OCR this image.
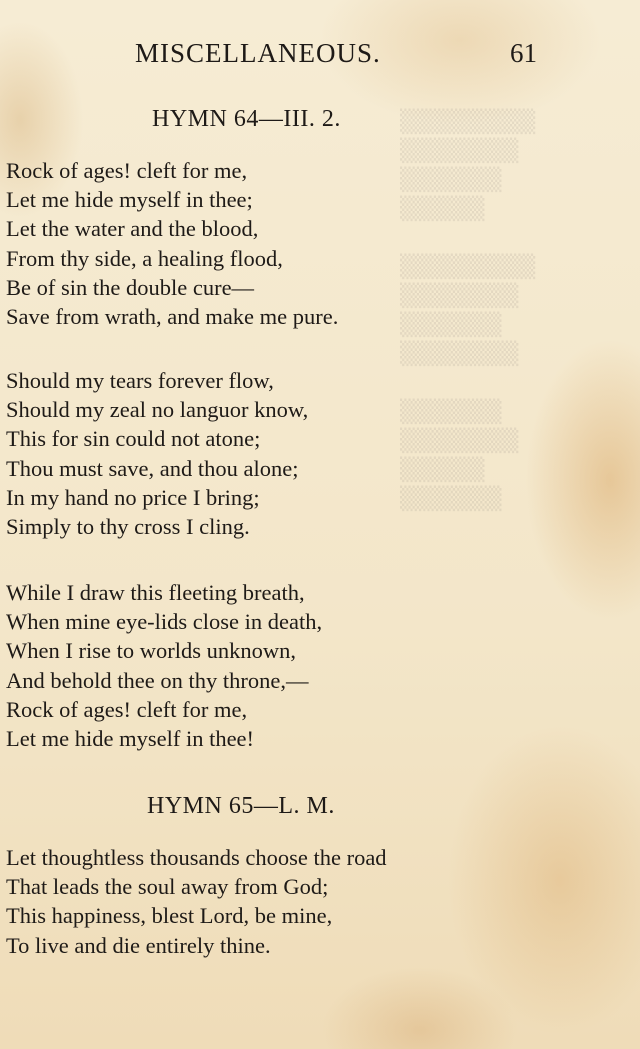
▒▒▒▒▒▒▒▒
▒▒▒▒▒▒▒
▒▒▒▒▒▒
▒▒▒▒▒

▒▒▒▒▒▒▒▒
▒▒▒▒▒▒▒
▒▒▒▒▒▒
▒▒▒▒▒▒▒

▒▒▒▒▒▒
▒▒▒▒▒▒▒
▒▒▒▒▒
▒▒▒▒▒▒
MISCELLANEOUS.	61
HYMN 64—III. 2.
Rock of ages! cleft for me,
Let me hide myself in thee;
Let the water and the blood,
From thy side, a healing flood,
Be of sin the double cure—
Save from wrath, and make me pure.
Should my tears forever flow,
Should my zeal no languor know,
This for sin could not atone;
Thou must save, and thou alone;
In my hand no price I bring;
Simply to thy cross I cling.
While I draw this fleeting breath,
When mine eye-lids close in death,
When I rise to worlds unknown,
And behold thee on thy throne,—
Rock of ages! cleft for me,
Let me hide myself in thee!
HYMN 65—L. M.
Let thoughtless thousands choose the road
That leads the soul away from God;
This happiness, blest Lord, be mine,
To live and die entirely thine.
